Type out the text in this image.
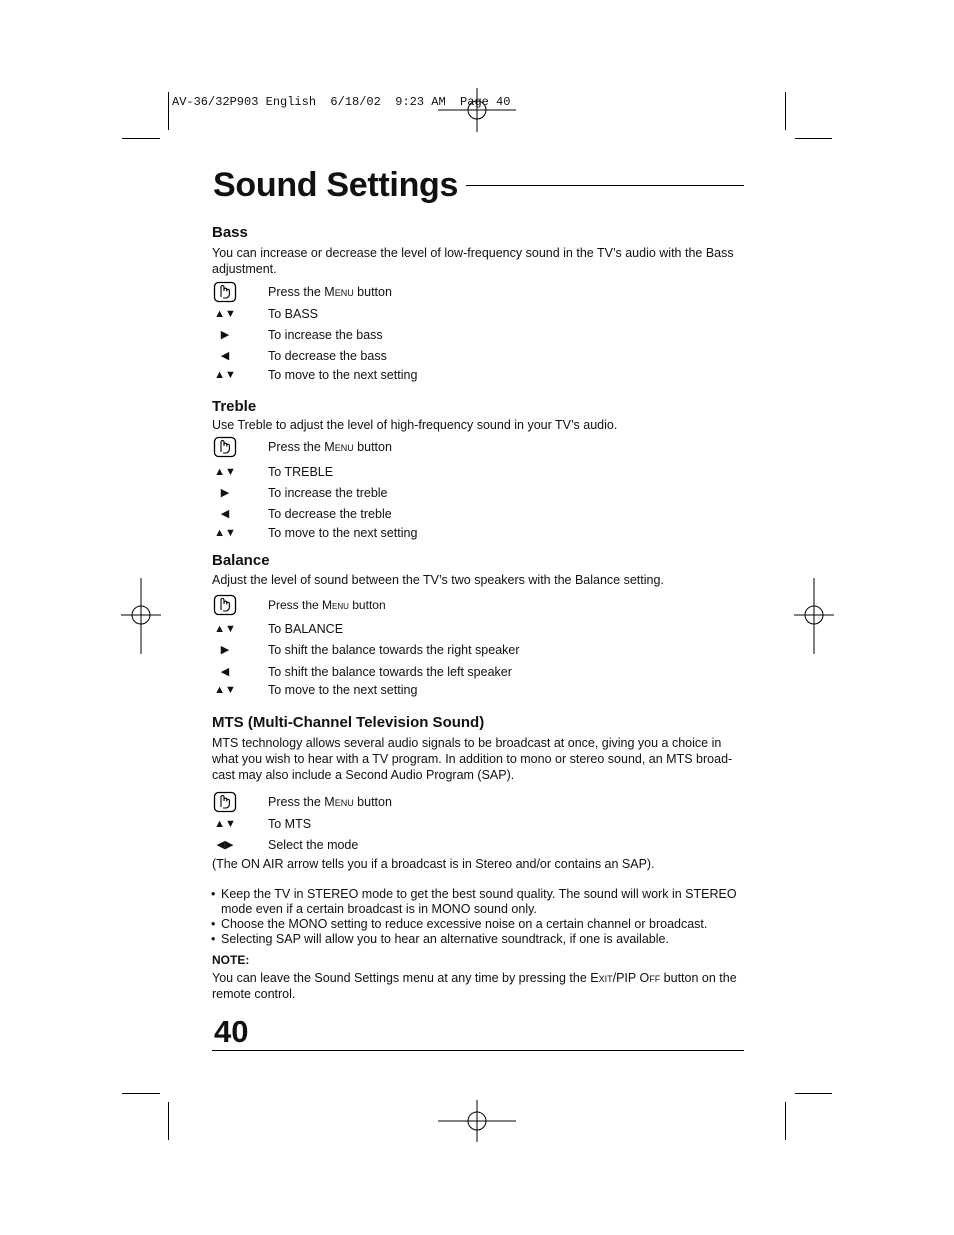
AV-36/32P903 English  6/18/02  9:23 AM  Page 40
Sound Settings
Bass
You can increase or decrease the level of low-frequency sound in the TV’s audio with the Bass adjustment.
Press the Menu button
▲▼	To BASS
▶	To increase the bass
◀	To decrease the bass
▲▼	To move to the next setting
Treble
Use Treble to adjust the level of high-frequency sound in your TV’s audio.
Press the Menu button
▲▼	To TREBLE
▶	To increase the treble
◀	To decrease the treble
▲▼	To move to the next setting
Balance
Adjust the level of sound between the TV’s two speakers with the Balance setting.
Press the Menu button
▲▼	To BALANCE
▶	To shift the balance towards the right speaker
◀	To shift the balance towards the left speaker
▲▼	To move to the next setting
MTS (Multi-Channel Television Sound)
MTS technology allows several audio signals to be broadcast at once, giving you a choice in
what you wish to hear with a TV program. In addition to mono or stereo sound, an MTS broad-
cast may also include a Second Audio Program (SAP).
Press the Menu button
▲▼	To MTS
◀▶	Select the mode
(The ON AIR arrow tells you if a broadcast is in Stereo and/or contains an SAP).
• Keep the TV in STEREO mode to get the best sound quality. The sound will work in STEREO mode even if a certain broadcast is in MONO sound only.
• Choose the MONO setting to reduce excessive noise on a certain channel or broadcast.
• Selecting SAP will allow you to hear an alternative soundtrack, if one is available.
NOTE:
You can leave the Sound Settings menu at any time by pressing the Exit/PIP Off button on the remote control.
40
